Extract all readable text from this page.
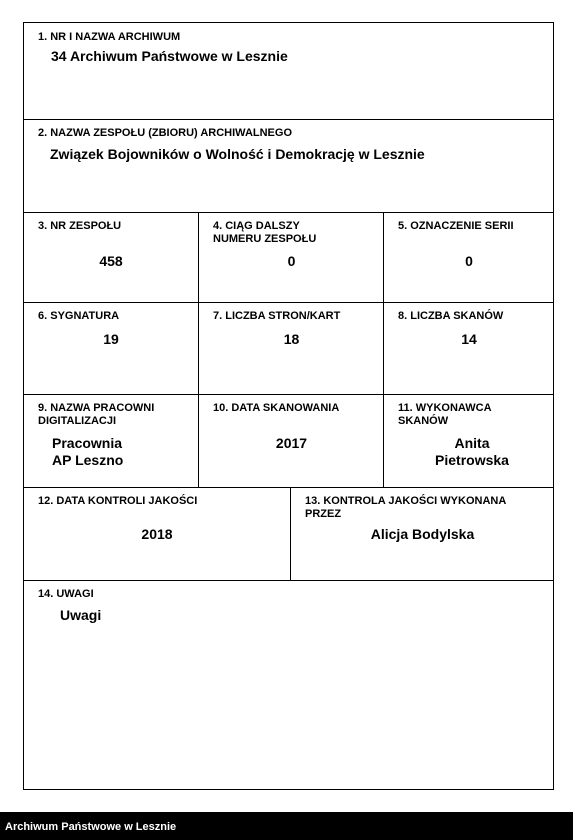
1. NR I NAZWA ARCHIWUM
34 Archiwum Państwowe w Lesznie
2. NAZWA ZESPOŁU (ZBIORU) ARCHIWALNEGO
Związek Bojowników o Wolność i Demokrację w Lesznie
3. NR ZESPOŁU
458
4. CIĄG DALSZY NUMERU ZESPOŁU
0
5. OZNACZENIE SERII
0
6. SYGNATURA
19
7. LICZBA STRON/KART
18
8. LICZBA SKANÓW
14
9. NAZWA PRACOWNI DIGITALIZACJI
Pracownia
AP Leszno
10. DATA SKANOWANIA
2017
11. WYKONAWCA SKANÓW
Anita
Pietrowska
12. DATA KONTROLI JAKOŚCI
2018
13. KONTROLA JAKOŚCI WYKONANA PRZEZ
Alicja Bodylska
14. UWAGI
Uwagi
Archiwum Państwowe w Lesznie
